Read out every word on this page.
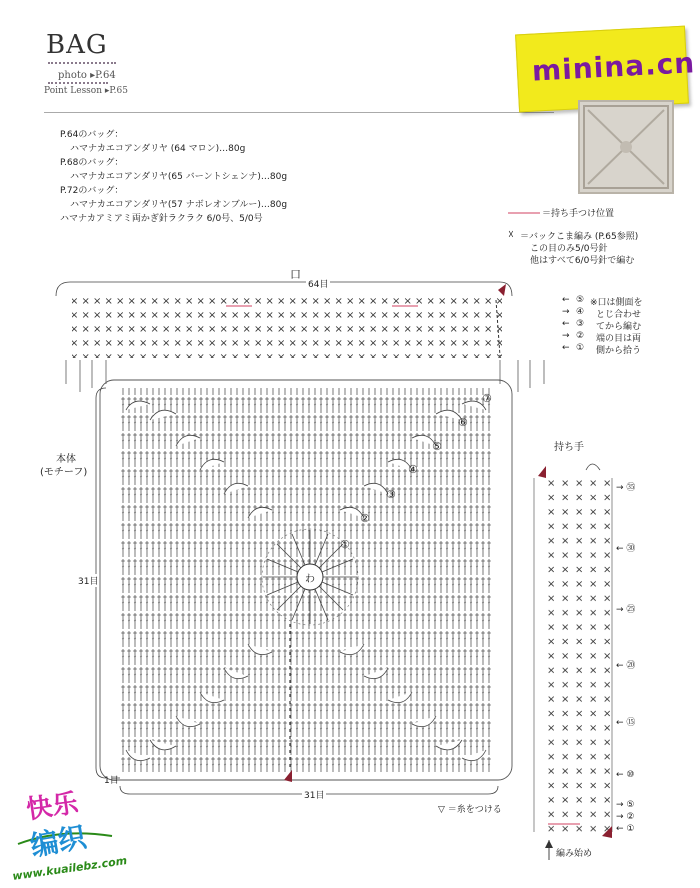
BAG
photo ▸P.64
Point Lesson ▸P.65
minina.cn
P.64のバッグ：
ハマナカエコアンダリヤ (64 マロン)…80g
P.68のバッグ：
ハマナカエコアンダリヤ(65 バーントシェンナ)…80g
P.72のバッグ：
ハマナカエコアンダリヤ(57 ナボレオンブルー)…80g
ハマナカアミアミ両かぎ針ラクラク 6/0号、5/0号	＝持ち手つけ位置
☓ ＝バックこま編み (P.65参照)
この目のみ5/0号針
他はすべて6/0号針で編む
口
64目
31目
31目
1目
本体
(モチーフ)
わ
①
②
③
④
⑤
⑥
⑦
← ⑤ ※口は側面を
→ ④ とじ合わせ
← ③ てから編む
→ ② 端の目は両
← ① 側から拾う
持ち手
→ ㉟
← ㉚
→ ㉕
← ⑳
← ⑮
← ⑩
→ ⑤
→ ②
← ①
編み始め
▽ ＝糸をつける
快乐
编织
www.kuailebz.com
